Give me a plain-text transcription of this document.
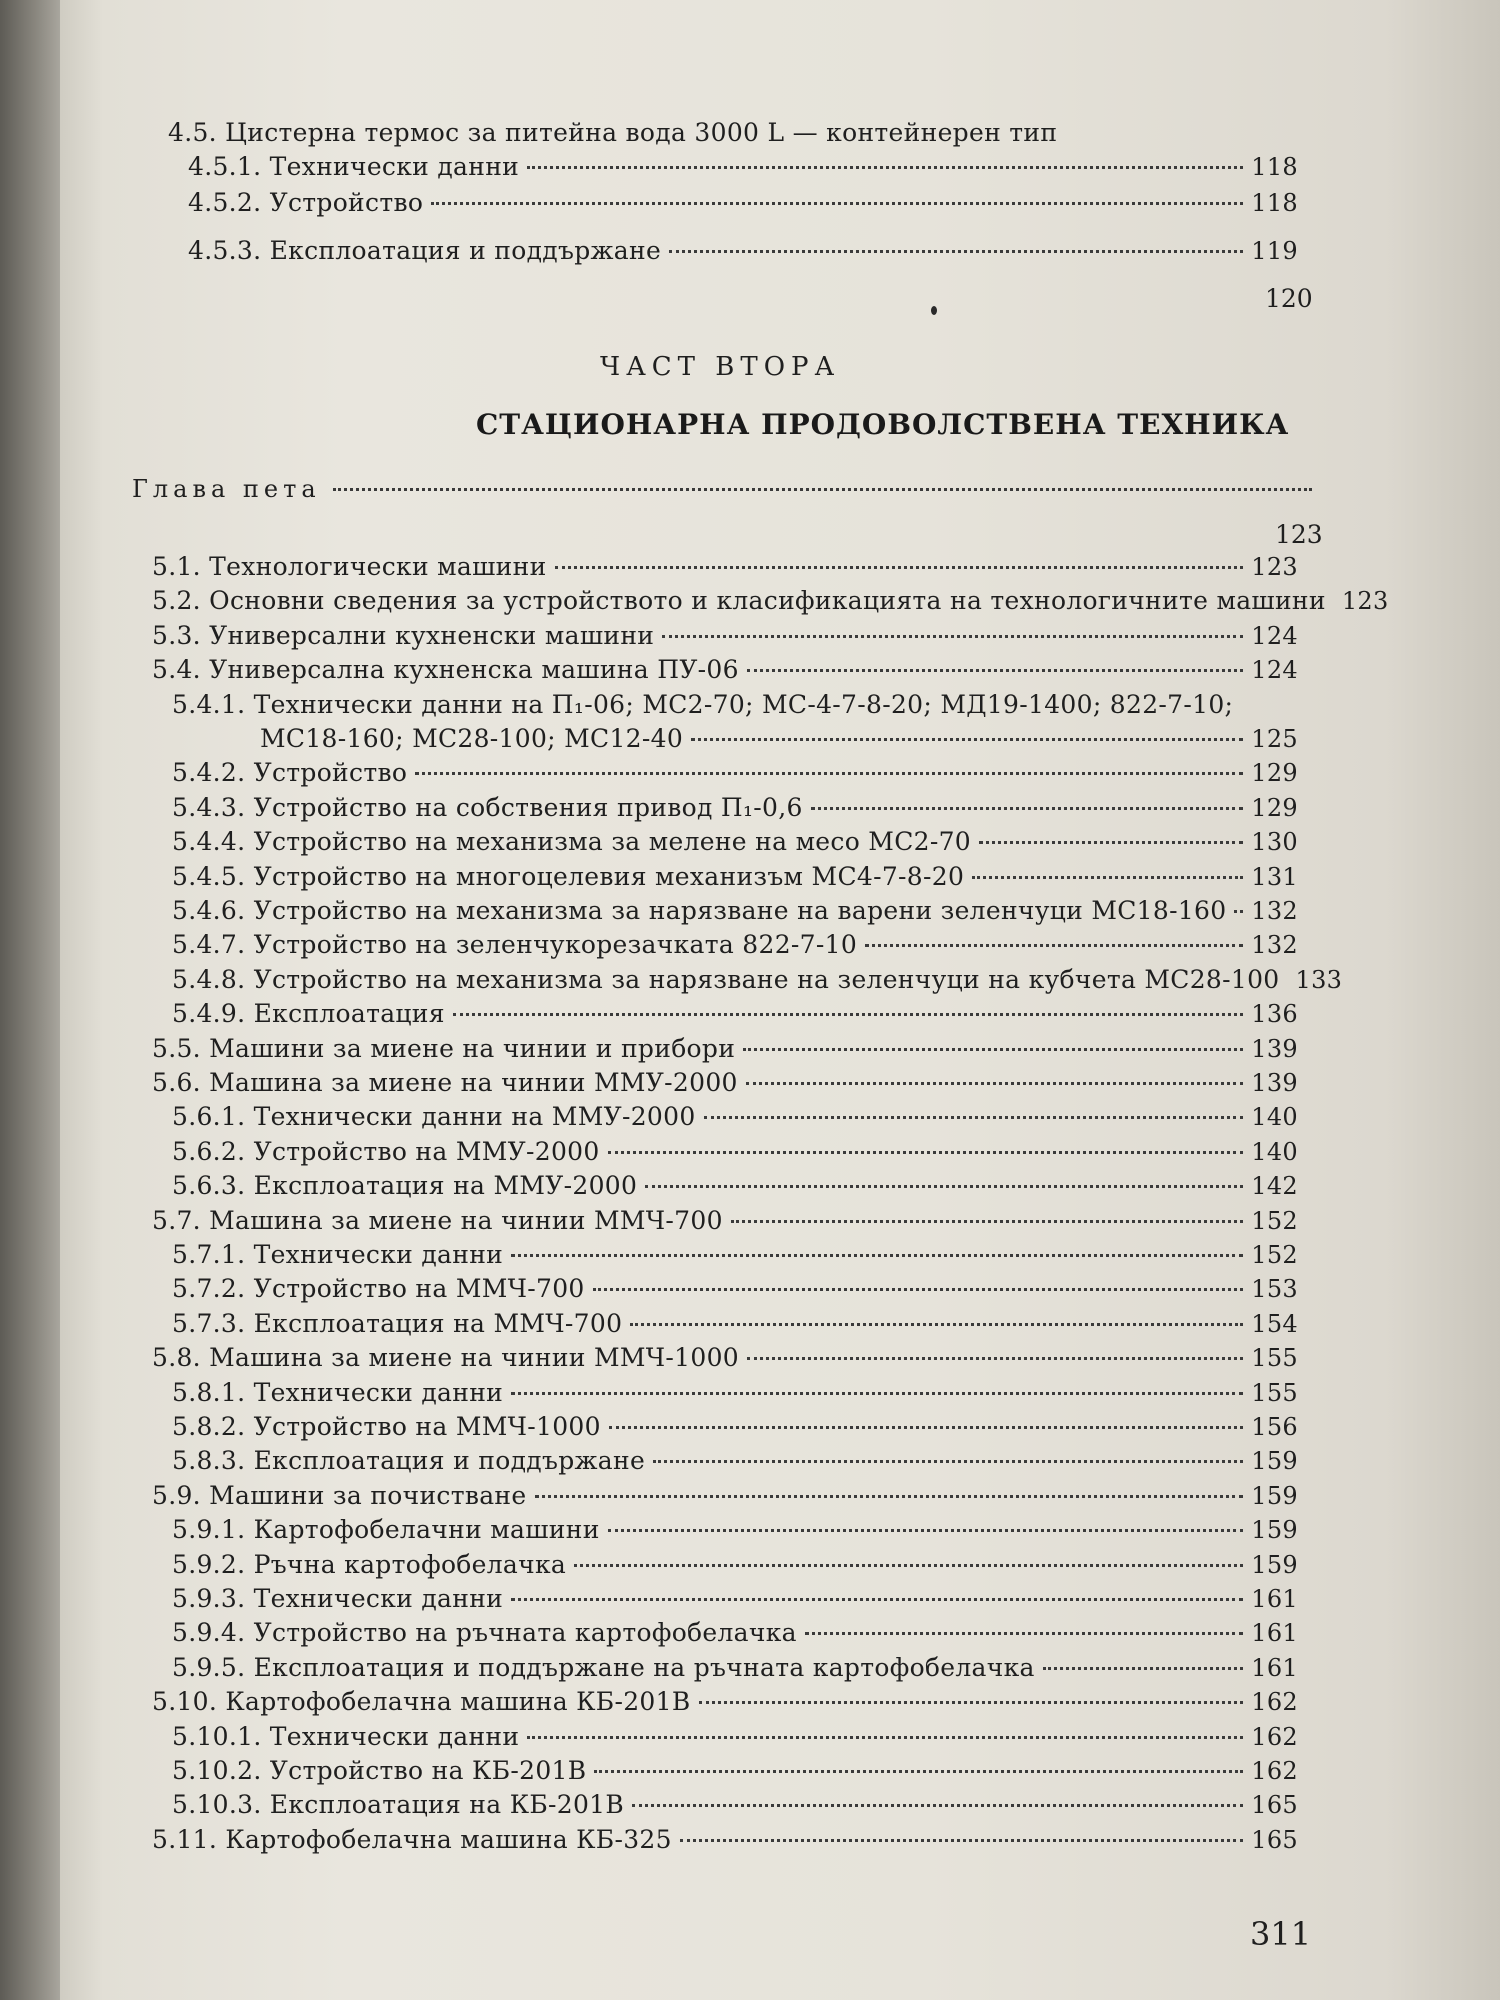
4.5. Цистерна термос за питейна вода 3000 L — контейнерен тип
4.5.1. Технически данни	118
4.5.2. Устройство	118
4.5.3. Експлоатация и поддържане	119
120
ЧАСТ ВТОРА
СТАЦИОНАРНА ПРОДОВОЛСТВЕНА ТЕХНИКА
Глава пета
123
5.1. Технологически машини	123
5.2. Основни сведения за устройството и класификацията на технологичните машини 123
5.3. Универсални кухненски машини	124
5.4. Универсална кухненска машина ПУ-06	124
5.4.1. Технически данни на П₁-06; МС2-70; МС-4-7-8-20; МД19-1400; 822-7-10;
МС18-160; МС28-100; МС12-40	125
5.4.2. Устройство	129
5.4.3. Устройство на собствения привод П₁-0,6	129
5.4.4. Устройство на механизма за мелене на месо МС2-70	130
5.4.5. Устройство на многоцелевия механизъм МС4-7-8-20	131
5.4.6. Устройство на механизма за нарязване на варени зеленчуци МС18-160 132
5.4.7. Устройство на зеленчукорезачката 822-7-10	132
5.4.8. Устройство на механизма за нарязване на зеленчуци на кубчета МС28-100 133
5.4.9. Експлоатация	136
5.5. Машини за миене на чинии и прибори	139
5.6. Машина за миене на чинии ММУ-2000	139
5.6.1. Технически данни на ММУ-2000	140
5.6.2. Устройство на ММУ-2000	140
5.6.3. Експлоатация на ММУ-2000	142
5.7. Машина за миене на чинии ММЧ-700	152
5.7.1. Технически данни	152
5.7.2. Устройство на ММЧ-700	153
5.7.3. Експлоатация на ММЧ-700	154
5.8. Машина за миене на чинии ММЧ-1000	155
5.8.1. Технически данни	155
5.8.2. Устройство на ММЧ-1000	156
5.8.3. Експлоатация и поддържане	159
5.9. Машини за почистване	159
5.9.1. Картофобелачни машини	159
5.9.2. Ръчна картофобелачка	159
5.9.3. Технически данни	161
5.9.4. Устройство на ръчната картофобелачка	161
5.9.5. Експлоатация и поддържане на ръчната картофобелачка	161
5.10. Картофобелачна машина КБ-201В	162
5.10.1. Технически данни	162
5.10.2. Устройство на КБ-201В	162
5.10.3. Експлоатация на КБ-201В	165
5.11. Картофобелачна машина КБ-325	165
311
